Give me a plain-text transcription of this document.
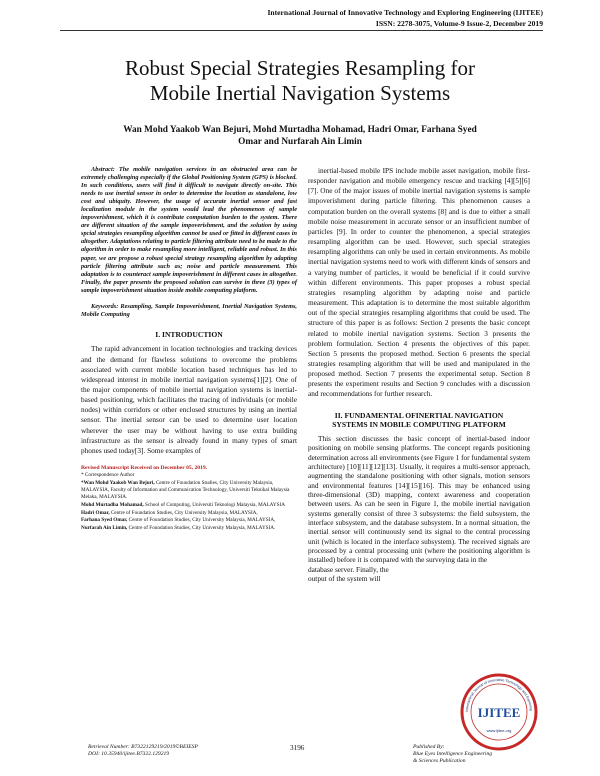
International Journal of Innovative Technology and Exploring Engineering (IJITEE)
ISSN: 2278-3075, Volume-9 Issue-2, December 2019
Robust Special Strategies Resampling for
Mobile Inertial Navigation Systems
Wan Mohd Yaakob Wan Bejuri, Mohd Murtadha Mohamad, Hadri Omar, Farhana Syed
Omar and Nurfarah Ain Limin

Abstract: The mobile navigation services in an obstructed area can be extremely challenging especially if the Global Positioning System (GPS) is blocked. In such conditions, users will find it difficult to navigate directly on-site. This needs to use inertial sensor in order to determine the location as standalone, low cost and ubiquity. However, the usage of accurate inertial sensor and fast localization module in the system would lead the phenomenon of sample impoverishment, which it is contribute computation burden to the system. There are different situation of the sample impoverishment, and the solution by using spcial strategies resampling algorithm cannot be used or fitted in different cases in altogether. Adaptations relating to particle filtering attribute need to be made to the algorithm in order to make resampling more intelligent, reliable and robust. In this paper, we are propose a robust special strategy resampling algorithm by adapting particle filtering attribute such as; noise and particle measurement. This adaptation is to counteract sample impoverishment in different cases in altogether. Finally, the paper presents the proposed solution can survive in three (3) types of sample impoverishment situation inside mobile computing platform.

Keywords: Resampling, Sample Impoverishment, Inertial Navigation Systems, Mobile Computing

I. INTRODUCTION

The rapid advancement in location technologies and tracking devices and the demand for flawless solutions to overcome the problems associated with current mobile location based techniques has led to widespread interest in mobile inertial navigation systems[1][2]. One of the major components of mobile inertial navigation systems is inertial-based positioning, which facilitates the tracing of individuals (or mobile nodes) within corridors or other enclosed structures by using an inertial sensor. The inertial sensor can be used to determine user location wherever the user may be without having to use extra building infrastructure as the sensor is already found in many types of smart phones used today[3]. Some examples of

Revised Manuscript Received on December 05, 2019.
* Correspondence Author
*Wan Mohd Yaakob Wan Bejuri, Centre of Foundation Studies, City University Malaysia, MALAYSIA, Faculty of Information and Communication Technology, Universiti Teknikal Malaysia Melaka, MALAYSIA.
Mohd Murtadha Mohamad, School of Computing, Universiti Teknologi Malaysia, MALAYSIA
Hadri Omar, Centre of Foundation Studies, City University Malaysia, MALAYSIA,
Farhana Syed Omar, Centre of Foundation Studies, City University Malaysia, MALAYSIA,
Nurfarah Ain Limin, Centre of Foundation Studies, City University Malaysia, MALAYSIA.

inertial-based mobile IPS include mobile asset navigation, mobile first-responder navigation and mobile emergency rescue and tracking [4][5][6][7]. One of the major issues of mobile inertial navigation systems is sample impoverishment during particle filtering. This phenomenon causes a computation burden on the overall systems [8] and is due to either a small mobile noise measurement in accurate sensor or an insufficient number of particles [9]. In order to counter the phenomenon, a special strategies resampling algorithm can be used. However, such special strategies resampling algorithms can only be used in certain environments. As mobile inertial navigation systems need to work with different kinds of sensors and a varying number of particles, it would be beneficial if it could survive within different environments. This paper proposes a robust special strategies resampling algorithm by adapting noise and particle measurement. This adaptation is to determine the most suitable algorithm out of the special strategies resampling algorithms that could be used. The structure of this paper is as follows: Section 2 presents the basic concept related to mobile inertial navigation systems. Section 3 presents the problem formulation. Section 4 presents the objectives of this paper. Section 5 presents the proposed method. Section 6 presents the special strategies resampling algorithm that will be used and manipulated in the proposed method. Section 7 presents the experimental setup. Section 8 presents the experiment results and Section 9 concludes with a discussion and recommendations for further research.

II. FUNDAMENTAL OFINERTIAL NAVIGATION
SYSTEMS IN MOBILE COMPUTING PLATFORM

This section discusses the basic concept of inertial-based indoor positioning on mobile sensing platforms. The concept regards positioning determination across all environments (see Figure 1 for fundamental system architecture) [10][11][12][13]. Usually, it requires a multi-sensor approach, augmenting the standalone positioning with other signals, motion sensors and environmental features [14][15][16]. This may be enhanced using three-dimensional (3D) mapping, context awareness and cooperation between users. As can be seen in Figure 1, the mobile inertial navigation systems generally consist of three 3 subsystems: the field subsystem, the interface subsystem, and the database subsystem. In a normal situation, the inertial sensor will continuously send its signal to the central processing unit (which is located in the interface subsystem). The received signals are processed by a central processing unit (where the positioning algorithm is installed) before it is compared with the surveying data in the

database server. Finally, the
output of the system will
International Journal of Innovative Technology and Exploring
IJITEE
www.ijitee.org
Retrieval Number: B7322129219/2019©BEIESP
DOI: 10.35940/ijitee.B7322.129219
3196	Published By:
Blue Eyes Intelligence Engineering
& Sciences Publication
